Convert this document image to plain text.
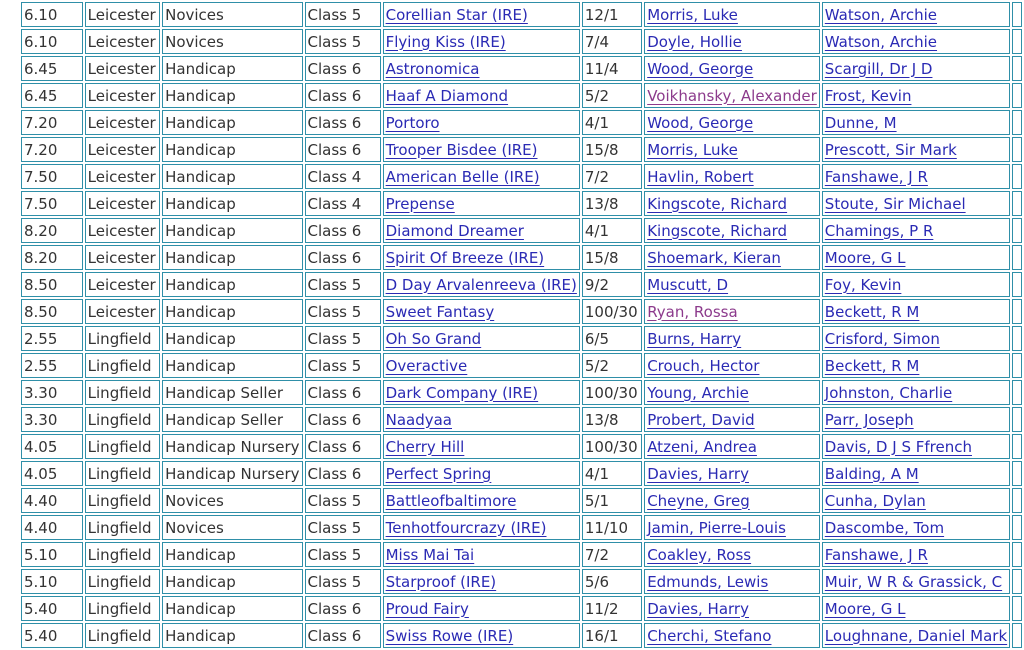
6.10	Leicester	Novices	Class 5	Corellian Star (IRE)	12/1	Morris, Luke	Watson, Archie	
6.10	Leicester	Novices	Class 5	Flying Kiss (IRE)	7/4	Doyle, Hollie	Watson, Archie	
6.45	Leicester	Handicap	Class 6	Astronomica	11/4	Wood, George	Scargill, Dr J D	
6.45	Leicester	Handicap	Class 6	Haaf A Diamond	5/2	Voikhansky, Alexander	Frost, Kevin	
7.20	Leicester	Handicap	Class 6	Portoro	4/1	Wood, George	Dunne, M	
7.20	Leicester	Handicap	Class 6	Trooper Bisdee (IRE)	15/8	Morris, Luke	Prescott, Sir Mark	
7.50	Leicester	Handicap	Class 4	American Belle (IRE)	7/2	Havlin, Robert	Fanshawe, J R	
7.50	Leicester	Handicap	Class 4	Prepense	13/8	Kingscote, Richard	Stoute, Sir Michael	
8.20	Leicester	Handicap	Class 6	Diamond Dreamer	4/1	Kingscote, Richard	Chamings, P R	
8.20	Leicester	Handicap	Class 6	Spirit Of Breeze (IRE)	15/8	Shoemark, Kieran	Moore, G L	
8.50	Leicester	Handicap	Class 5	D Day Arvalenreeva (IRE)	9/2	Muscutt, D	Foy, Kevin	
8.50	Leicester	Handicap	Class 5	Sweet Fantasy	100/30	Ryan, Rossa	Beckett, R M	
2.55	Lingfield	Handicap	Class 5	Oh So Grand	6/5	Burns, Harry	Crisford, Simon	
2.55	Lingfield	Handicap	Class 5	Overactive	5/2	Crouch, Hector	Beckett, R M	
3.30	Lingfield	Handicap Seller	Class 6	Dark Company (IRE)	100/30	Young, Archie	Johnston, Charlie	
3.30	Lingfield	Handicap Seller	Class 6	Naadyaa	13/8	Probert, David	Parr, Joseph	
4.05	Lingfield	Handicap Nursery	Class 6	Cherry Hill	100/30	Atzeni, Andrea	Davis, D J S Ffrench	
4.05	Lingfield	Handicap Nursery	Class 6	Perfect Spring	4/1	Davies, Harry	Balding, A M	
4.40	Lingfield	Novices	Class 5	Battleofbaltimore	5/1	Cheyne, Greg	Cunha, Dylan	
4.40	Lingfield	Novices	Class 5	Tenhotfourcrazy (IRE)	11/10	Jamin, Pierre-Louis	Dascombe, Tom	
5.10	Lingfield	Handicap	Class 5	Miss Mai Tai	7/2	Coakley, Ross	Fanshawe, J R	
5.10	Lingfield	Handicap	Class 5	Starproof (IRE)	5/6	Edmunds, Lewis	Muir, W R & Grassick, C	
5.40	Lingfield	Handicap	Class 6	Proud Fairy	11/2	Davies, Harry	Moore, G L	
5.40	Lingfield	Handicap	Class 6	Swiss Rowe (IRE)	16/1	Cherchi, Stefano	Loughnane, Daniel Mark	
